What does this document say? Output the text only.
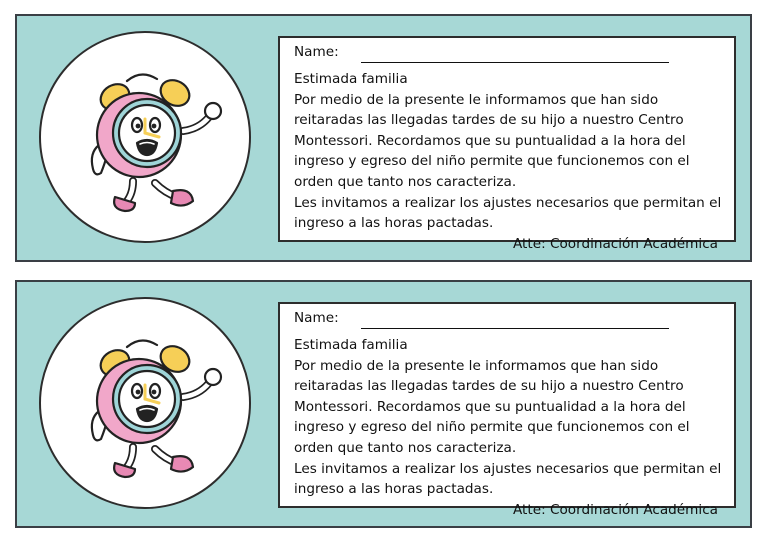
Name:
Estimada familia

Por medio de la presente le informamos que han sido reitaradas las llegadas tardes de su hijo a nuestro Centro Montessori. Recordamos que su puntualidad a la hora del ingreso y egreso del niño permite que funcionemos con el orden que tanto nos caracteriza.

Les invitamos a realizar los ajustes necesarios que permitan el ingreso a las horas pactadas.

Atte: Coordinación Académica
Name:
Estimada familia

Por medio de la presente le informamos que han sido reitaradas las llegadas tardes de su hijo a nuestro Centro Montessori. Recordamos que su puntualidad a la hora del ingreso y egreso del niño permite que funcionemos con el orden que tanto nos caracteriza.

Les invitamos a realizar los ajustes necesarios que permitan el ingreso a las horas pactadas.

Atte: Coordinación Académica
